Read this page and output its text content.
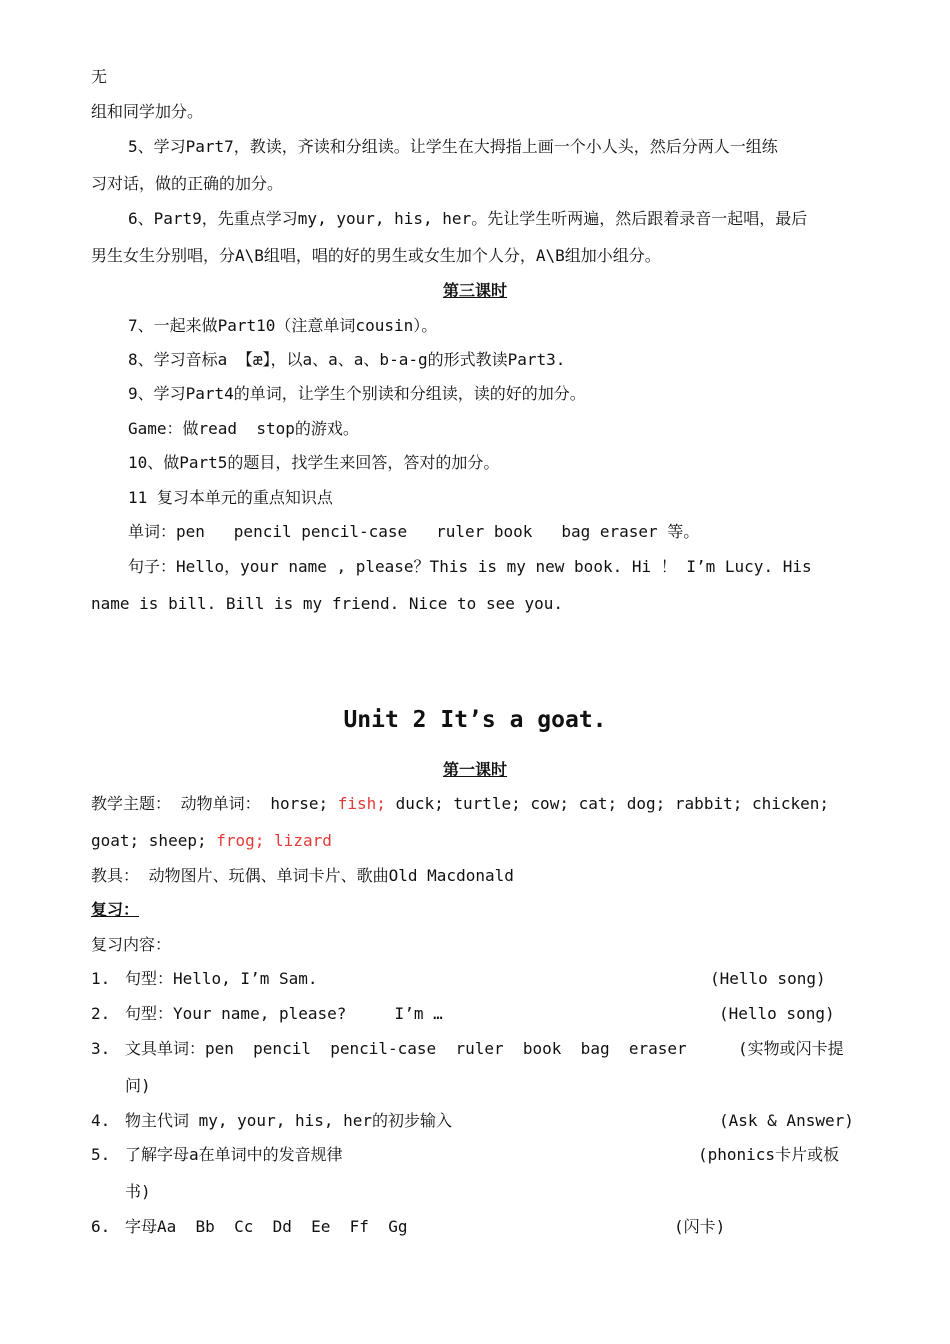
无
组和同学加分。
5、学习Part7，教读，齐读和分组读。让学生在大拇指上画一个小人头，然后分两人一组练
习对话，做的正确的加分。
6、Part9，先重点学习my, your, his, her。先让学生听两遍，然后跟着录音一起唱，最后
男生女生分别唱，分A\B组唱，唱的好的男生或女生加个人分，A\B组加小组分。
第三课时
7、一起来做Part10（注意单词cousin）。
8、学习音标a 【æ】，以a、a、a、b-a-g的形式教读Part3.
9、学习Part4的单词，让学生个别读和分组读，读的好的加分。
Game：做read  stop的游戏。
10、做Part5的题目，找学生来回答，答对的加分。
11 复习本单元的重点知识点
单词：pen   pencil pencil-case   ruler book   bag eraser 等。
句子：Hello，your name , please？This is my new book. Hi ！ I’m Lucy. His
name is bill. Bill is my friend. Nice to see you.
Unit 2 It’s a goat.
第一课时
教学主题： 动物单词： horse; fish; duck; turtle; cow; cat; dog; rabbit; chicken;
goat; sheep; frog; lizard
教具： 动物图片、玩偶、单词卡片、歌曲Old Macdonald
复习：
复习内容：
1. 句型：Hello, I’m Sam.	(Hello song)
2. 句型：Your name, please?     I’m …	(Hello song)
3. 文具单词：pen  pencil  pencil-case  ruler  book  bag  eraser	(实物或闪卡提
问)
4. 物主代词 my, your, his, her的初步输入	(Ask & Answer)
5. 了解字母a在单词中的发音规律	(phonics卡片或板
书)
6. 字母Aa  Bb  Cc  Dd  Ee  Ff  Gg	(闪卡)
